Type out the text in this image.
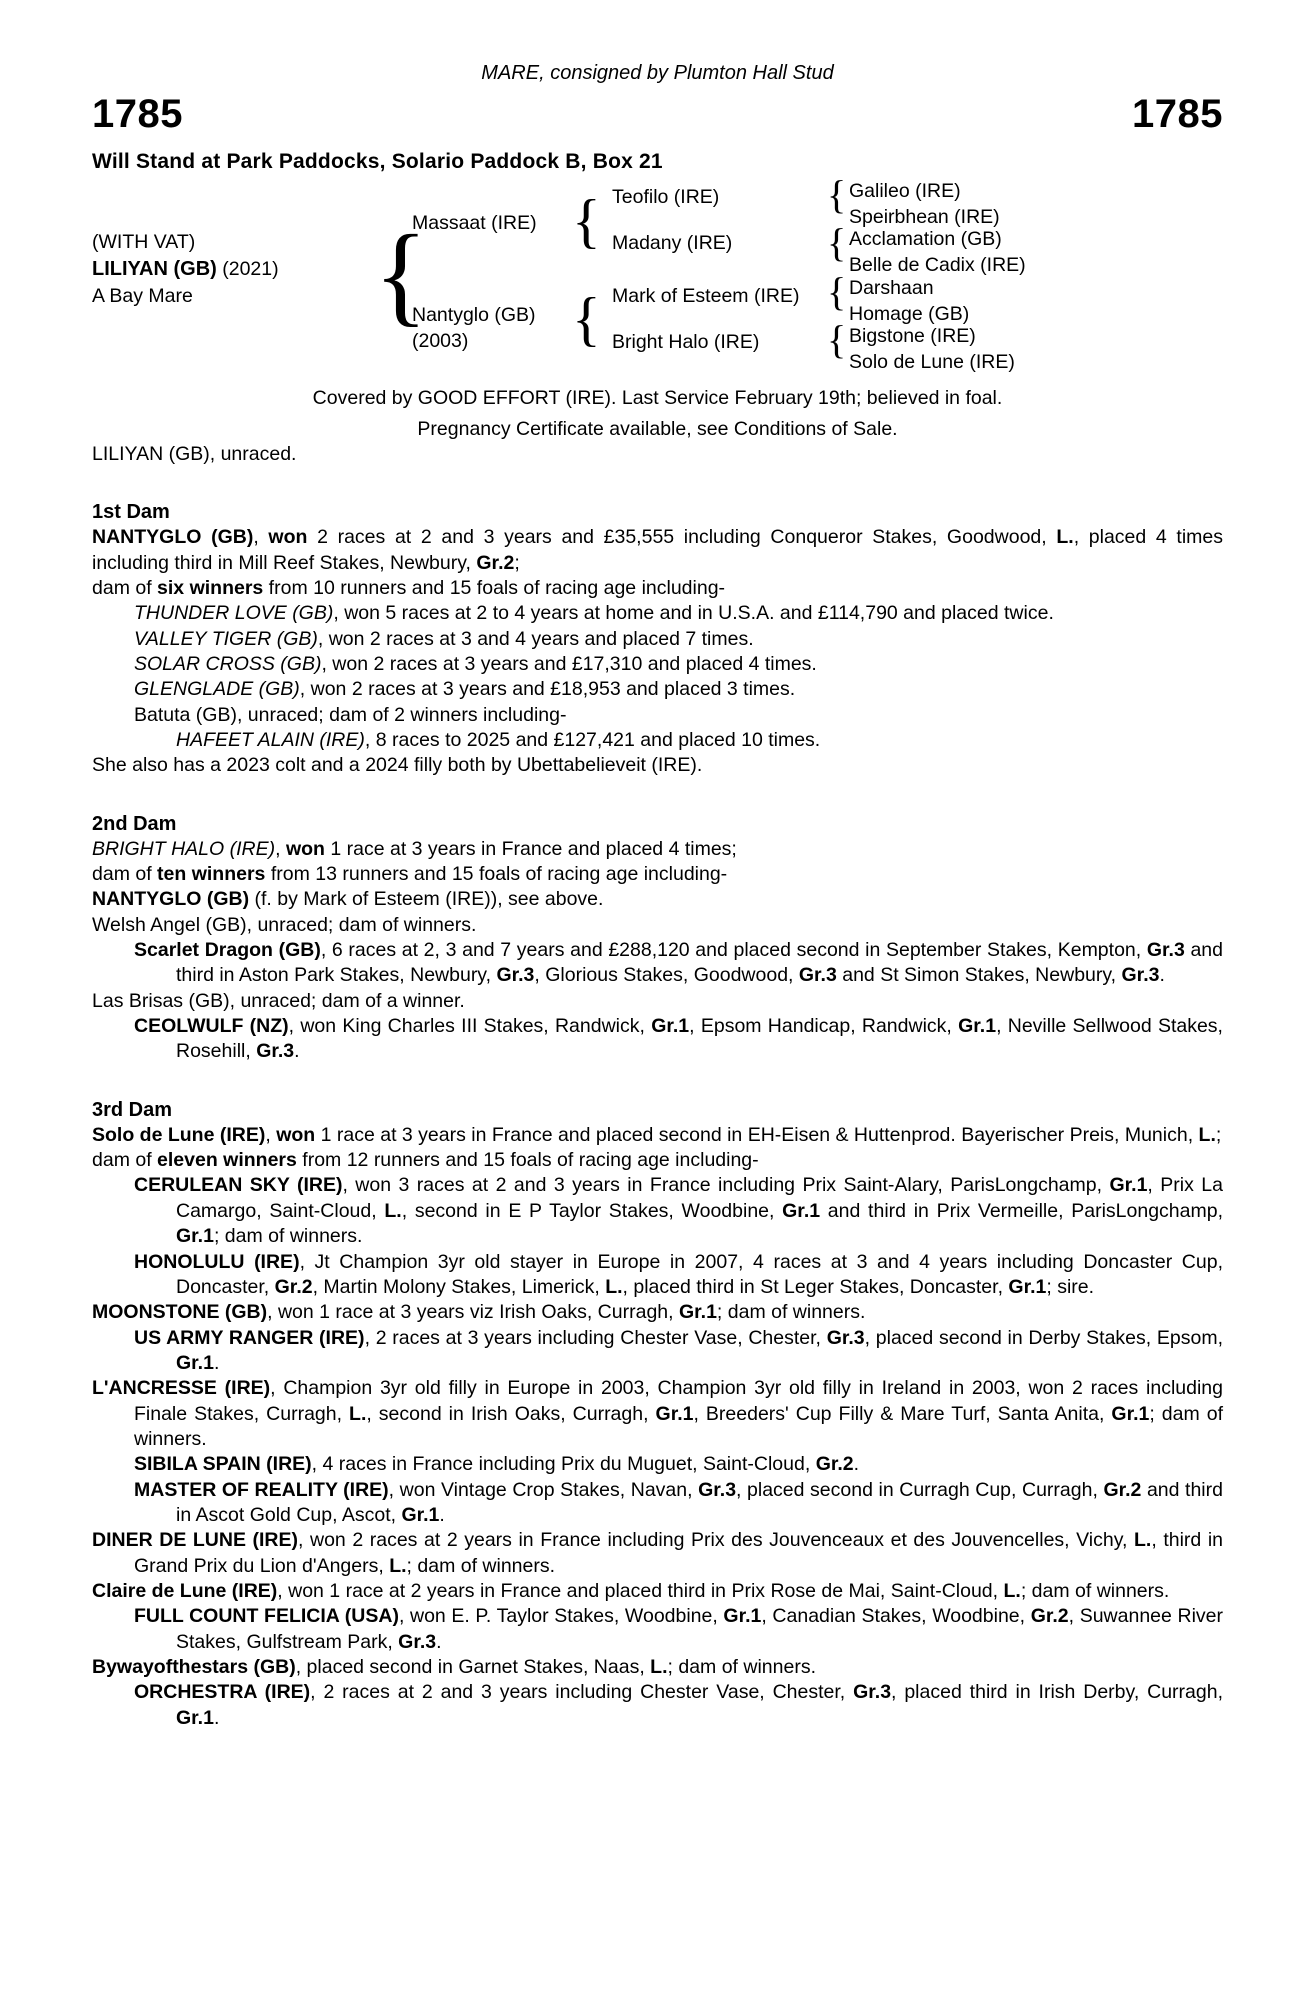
MARE, consigned by Plumton Hall Stud
1785	1785
Will Stand at Park Paddocks, Solario Paddock B, Box 21
(WITH VAT)
LILIYAN (GB) (2021)
A Bay Mare	{
Massaat (IRE)
Nantyglo (GB)
(2003)
{
{
Teofilo (IRE)
Madany (IRE)
Mark of Esteem (IRE)
Bright Halo (IRE)
{ Galileo (IRE)
Speirbhean (IRE)
{ Acclamation (GB)
Belle de Cadix (IRE)
{ Darshaan
Homage (GB)
{ Bigstone (IRE)
Solo de Lune (IRE)
Covered by GOOD EFFORT (IRE). Last Service February 19th; believed in foal.
Pregnancy Certificate available, see Conditions of Sale.

LILIYAN (GB), unraced.

1st Dam

NANTYGLO (GB), won 2 races at 2 and 3 years and £35,555 including Conqueror Stakes, Goodwood, L., placed 4 times including third in Mill Reef Stakes, Newbury, Gr.2;

dam of six winners from 10 runners and 15 foals of racing age including-

THUNDER LOVE (GB), won 5 races at 2 to 4 years at home and in U.S.A. and £114,790 and placed twice.

VALLEY TIGER (GB), won 2 races at 3 and 4 years and placed 7 times.

SOLAR CROSS (GB), won 2 races at 3 years and £17,310 and placed 4 times.

GLENGLADE (GB), won 2 races at 3 years and £18,953 and placed 3 times.

Batuta (GB), unraced; dam of 2 winners including-

HAFEET ALAIN (IRE), 8 races to 2025 and £127,421 and placed 10 times.

She also has a 2023 colt and a 2024 filly both by Ubettabelieveit (IRE).

2nd Dam

BRIGHT HALO (IRE), won 1 race at 3 years in France and placed 4 times;

dam of ten winners from 13 runners and 15 foals of racing age including-

NANTYGLO (GB) (f. by Mark of Esteem (IRE)), see above.

Welsh Angel (GB), unraced; dam of winners.

Scarlet Dragon (GB), 6 races at 2, 3 and 7 years and £288,120 and placed second in September Stakes, Kempton, Gr.3 and third in Aston Park Stakes, Newbury, Gr.3, Glorious Stakes, Goodwood, Gr.3 and St Simon Stakes, Newbury, Gr.3.

Las Brisas (GB), unraced; dam of a winner.

CEOLWULF (NZ), won King Charles III Stakes, Randwick, Gr.1, Epsom Handicap, Randwick, Gr.1, Neville Sellwood Stakes, Rosehill, Gr.3.

3rd Dam

Solo de Lune (IRE), won 1 race at 3 years in France and placed second in EH-Eisen & Huttenprod. Bayerischer Preis, Munich, L.;

dam of eleven winners from 12 runners and 15 foals of racing age including-

CERULEAN SKY (IRE), won 3 races at 2 and 3 years in France including Prix Saint-Alary, ParisLongchamp, Gr.1, Prix La Camargo, Saint-Cloud, L., second in E P Taylor Stakes, Woodbine, Gr.1 and third in Prix Vermeille, ParisLongchamp, Gr.1; dam of winners.

HONOLULU (IRE), Jt Champion 3yr old stayer in Europe in 2007, 4 races at 3 and 4 years including Doncaster Cup, Doncaster, Gr.2, Martin Molony Stakes, Limerick, L., placed third in St Leger Stakes, Doncaster, Gr.1; sire.

MOONSTONE (GB), won 1 race at 3 years viz Irish Oaks, Curragh, Gr.1; dam of winners.

US ARMY RANGER (IRE), 2 races at 3 years including Chester Vase, Chester, Gr.3, placed second in Derby Stakes, Epsom, Gr.1.

L'ANCRESSE (IRE), Champion 3yr old filly in Europe in 2003, Champion 3yr old filly in Ireland in 2003, won 2 races including Finale Stakes, Curragh, L., second in Irish Oaks, Curragh, Gr.1, Breeders' Cup Filly & Mare Turf, Santa Anita, Gr.1; dam of winners.

SIBILA SPAIN (IRE), 4 races in France including Prix du Muguet, Saint-Cloud, Gr.2.

MASTER OF REALITY (IRE), won Vintage Crop Stakes, Navan, Gr.3, placed second in Curragh Cup, Curragh, Gr.2 and third in Ascot Gold Cup, Ascot, Gr.1.

DINER DE LUNE (IRE), won 2 races at 2 years in France including Prix des Jouvenceaux et des Jouvencelles, Vichy, L., third in Grand Prix du Lion d'Angers, L.; dam of winners.

Claire de Lune (IRE), won 1 race at 2 years in France and placed third in Prix Rose de Mai, Saint-Cloud, L.; dam of winners.

FULL COUNT FELICIA (USA), won E. P. Taylor Stakes, Woodbine, Gr.1, Canadian Stakes, Woodbine, Gr.2, Suwannee River Stakes, Gulfstream Park, Gr.3.

Bywayofthestars (GB), placed second in Garnet Stakes, Naas, L.; dam of winners.

ORCHESTRA (IRE), 2 races at 2 and 3 years including Chester Vase, Chester, Gr.3, placed third in Irish Derby, Curragh, Gr.1.
